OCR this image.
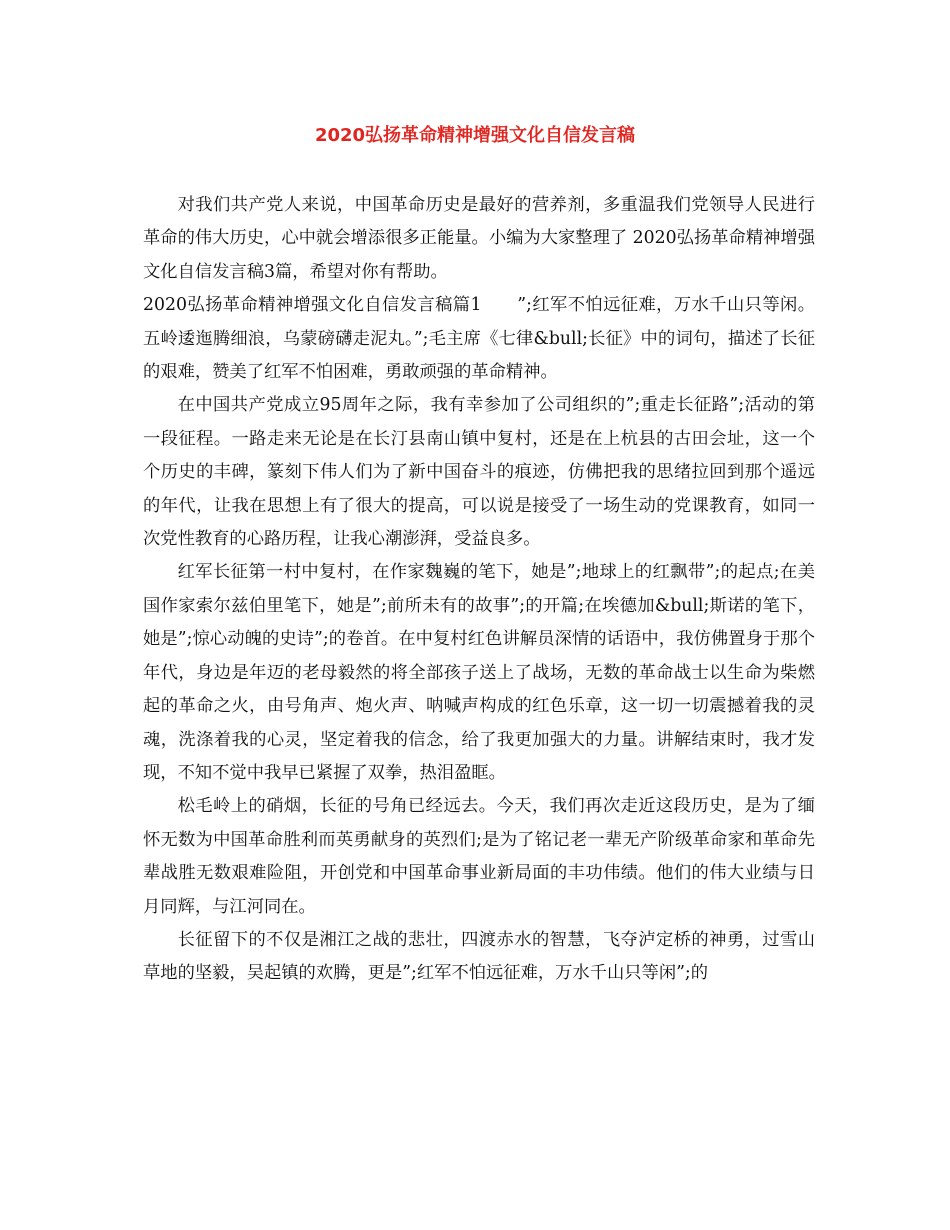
2020弘扬革命精神增强文化自信发言稿

对我们共产党人来说，中国革命历史是最好的营养剂，多重温我们党领导人民进行革命的伟大历史，心中就会增添很多正能量。小编为大家整理了 2020弘扬革命精神增强文化自信发言稿3篇，希望对你有帮助。

2020弘扬革命精神增强文化自信发言稿篇1　　”;红军不怕远征难，万水千山只等闲。五岭逶迤腾细浪，乌蒙磅礴走泥丸。”;毛主席《七律&bull;长征》中的词句，描述了长征的艰难，赞美了红军不怕困难，勇敢顽强的革命精神。

在中国共产党成立95周年之际，我有幸参加了公司组织的”;重走长征路”;活动的第一段征程。一路走来无论是在长汀县南山镇中复村，还是在上杭县的古田会址，这一个个历史的丰碑，篆刻下伟人们为了新中国奋斗的痕迹，仿佛把我的思绪拉回到那个遥远的年代，让我在思想上有了很大的提高，可以说是接受了一场生动的党课教育，如同一次党性教育的心路历程，让我心潮澎湃，受益良多。

红军长征第一村中复村，在作家魏巍的笔下，她是”;地球上的红飘带”;的起点;在美国作家索尔兹伯里笔下，她是”;前所未有的故事”;的开篇;在埃德加&bull;斯诺的笔下，她是”;惊心动魄的史诗”;的卷首。在中复村红色讲解员深情的话语中，我仿佛置身于那个年代，身边是年迈的老母毅然的将全部孩子送上了战场，无数的革命战士以生命为柴燃起的革命之火，由号角声、炮火声、呐喊声构成的红色乐章，这一切一切震撼着我的灵魂，洗涤着我的心灵，坚定着我的信念，给了我更加强大的力量。讲解结束时，我才发现，不知不觉中我早已紧握了双拳，热泪盈眶。

松毛岭上的硝烟，长征的号角已经远去。今天，我们再次走近这段历史，是为了缅怀无数为中国革命胜利而英勇献身的英烈们;是为了铭记老一辈无产阶级革命家和革命先辈战胜无数艰难险阻，开创党和中国革命事业新局面的丰功伟绩。他们的伟大业绩与日月同辉，与江河同在。

长征留下的不仅是湘江之战的悲壮，四渡赤水的智慧，飞夺泸定桥的神勇，过雪山草地的坚毅，吴起镇的欢腾，更是”;红军不怕远征难，万水千山只等闲”;的
